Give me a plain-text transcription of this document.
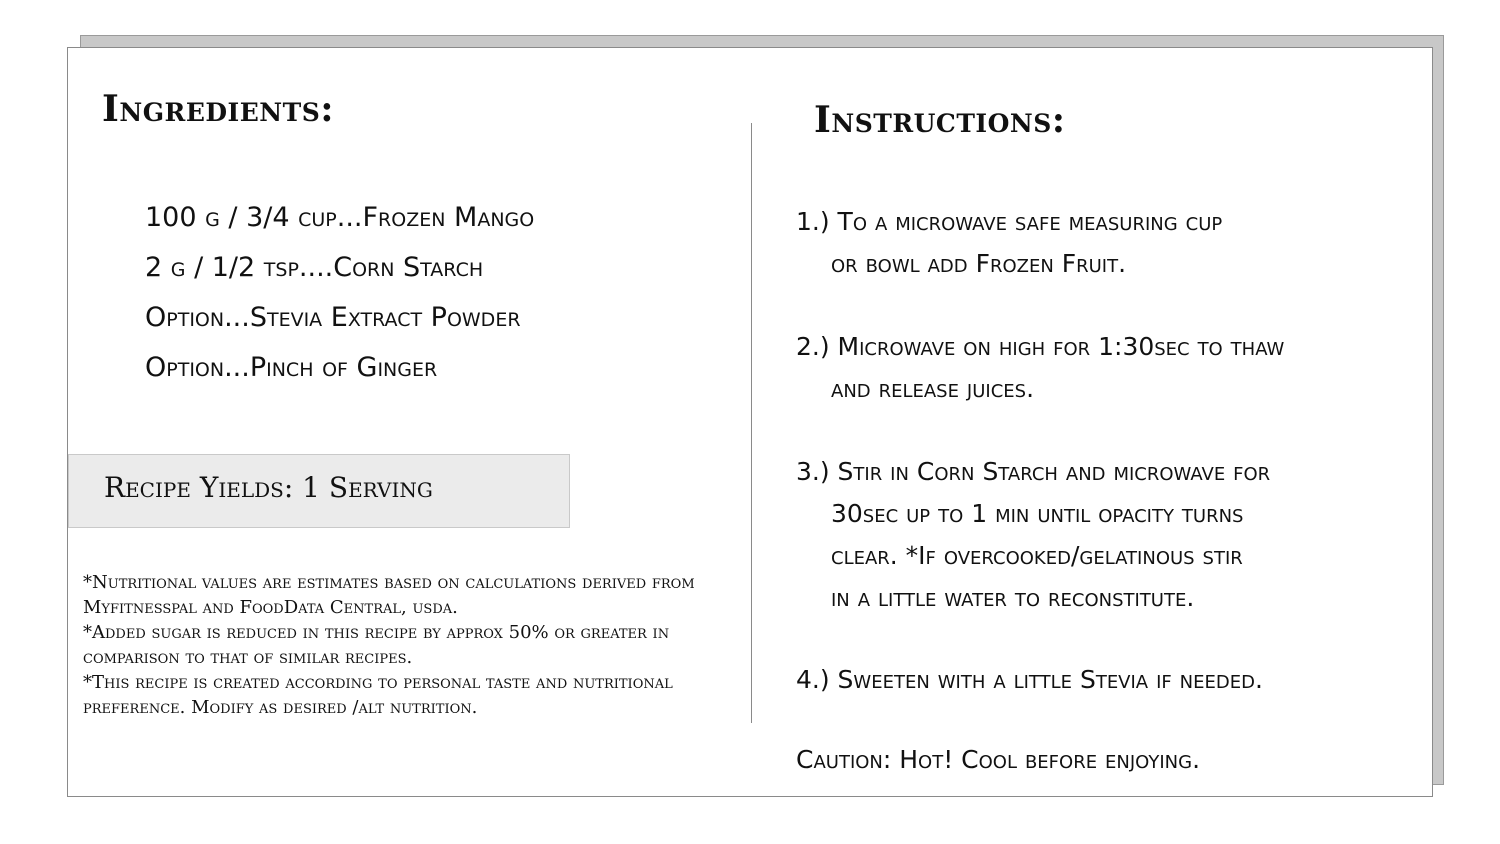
Ingredients:
100 g / 3/4 cup...Frozen Mango
2 g / 1/2 tsp....Corn Starch
Option...Stevia Extract Powder
Option...Pinch of Ginger
Recipe Yields: 1 Serving

*Nutritional values are estimates based on calculations derived from Myfitnesspal and FoodData Central, usda.

*Added sugar is reduced in this recipe by approx 50% or greater in comparison to that of similar recipes.

*This recipe is created according to personal taste and nutritional preference. Modify as desired /alt nutrition.

Instructions:
1.) To a microwave safe measuring cup
or bowl add Frozen Fruit.
2.) Microwave on high for 1:30sec to thaw
and release juices.
3.) Stir in Corn Starch and microwave for
30sec up to 1 min until opacity turns
clear. *If overcooked/gelatinous stir
in a little water to reconstitute.
4.) Sweeten with a little Stevia if needed.
Caution: Hot! Cool before enjoying.
